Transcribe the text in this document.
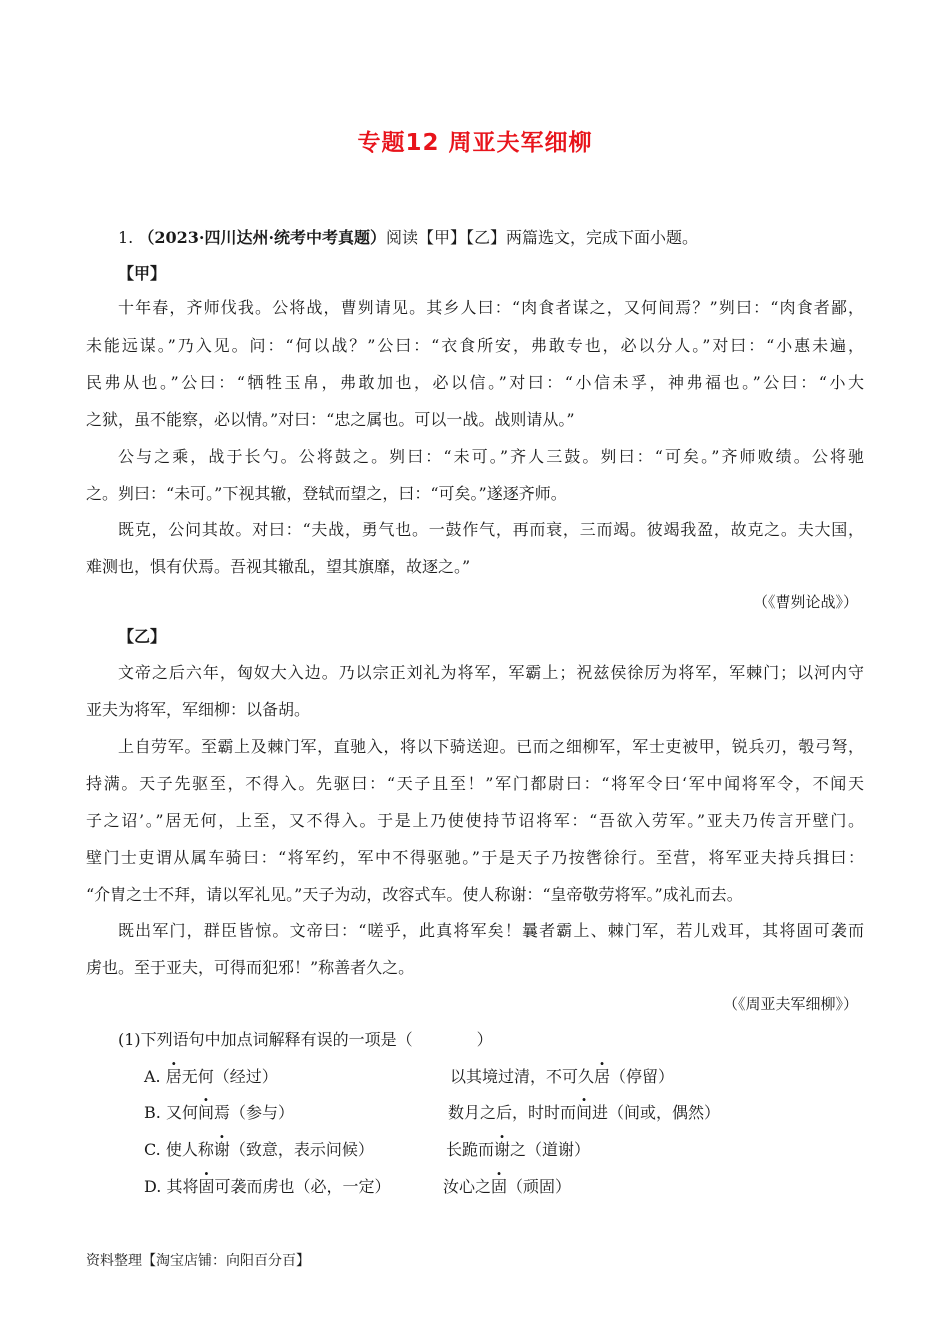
专题12 周亚夫军细柳
1. （2023·四川达州·统考中考真题）阅读【甲】【乙】两篇选文，完成下面小题。
【甲】
十年春，齐师伐我。公将战，曹刿请见。其乡人曰：“肉食者谋之，又何间焉？”刿曰：“肉食者鄙，
未能远谋。”乃入见。问：“何以战？”公曰：“衣食所安，弗敢专也，必以分人。”对曰：“小惠未遍，
民弗从也。”公曰：“牺牲玉帛，弗敢加也，必以信。”对曰：“小信未孚，神弗福也。”公曰：“小大
之狱，虽不能察，必以情。”对曰：“忠之属也。可以一战。战则请从。”
公与之乘，战于长勺。公将鼓之。刿曰：“未可。”齐人三鼓。刿曰：“可矣。”齐师败绩。公将驰
之。刿曰：“未可。”下视其辙，登轼而望之，曰：“可矣。”遂逐齐师。
既克，公问其故。对曰：“夫战，勇气也。一鼓作气，再而衰，三而竭。彼竭我盈，故克之。夫大国，
难测也，惧有伏焉。吾视其辙乱，望其旗靡，故逐之。”
（《曹刿论战》）
【乙】
文帝之后六年，匈奴大入边。乃以宗正刘礼为将军，军霸上；祝兹侯徐厉为将军，军棘门；以河内守
亚夫为将军，军细柳：以备胡。
上自劳军。至霸上及棘门军，直驰入，将以下骑送迎。已而之细柳军，军士吏被甲，锐兵刃，彀弓弩，
持满。天子先驱至，不得入。先驱曰：“天子且至！”军门都尉曰：“将军令曰‘军中闻将军令，不闻天
子之诏’。”居无何，上至，又不得入。于是上乃使使持节诏将军：“吾欲入劳军。”亚夫乃传言开壁门。
壁门士吏谓从属车骑曰：“将军约，军中不得驱驰。”于是天子乃按辔徐行。至营，将军亚夫持兵揖曰：
“介胄之士不拜，请以军礼见。”天子为动，改容式车。使人称谢：“皇帝敬劳将军。”成礼而去。
既出军门，群臣皆惊。文帝曰：“嗟乎，此真将军矣！曩者霸上、棘门军，若儿戏耳，其将固可袭而
虏也。至于亚夫，可得而犯邪！”称善者久之。
（《周亚夫军细柳》）
(1)下列语句中加点词解释有误的一项是（　　　　）
A. 居无何（经过）	以其境过清，不可久居（停留）
B. 又何间焉（参与）	数月之后，时时而间进（间或，偶然）
C. 使人称谢（致意，表示问候）	长跪而谢之（道谢）
D. 其将固可袭而虏也（必，一定）	汝心之固（顽固）
资料整理【淘宝店铺：向阳百分百】
